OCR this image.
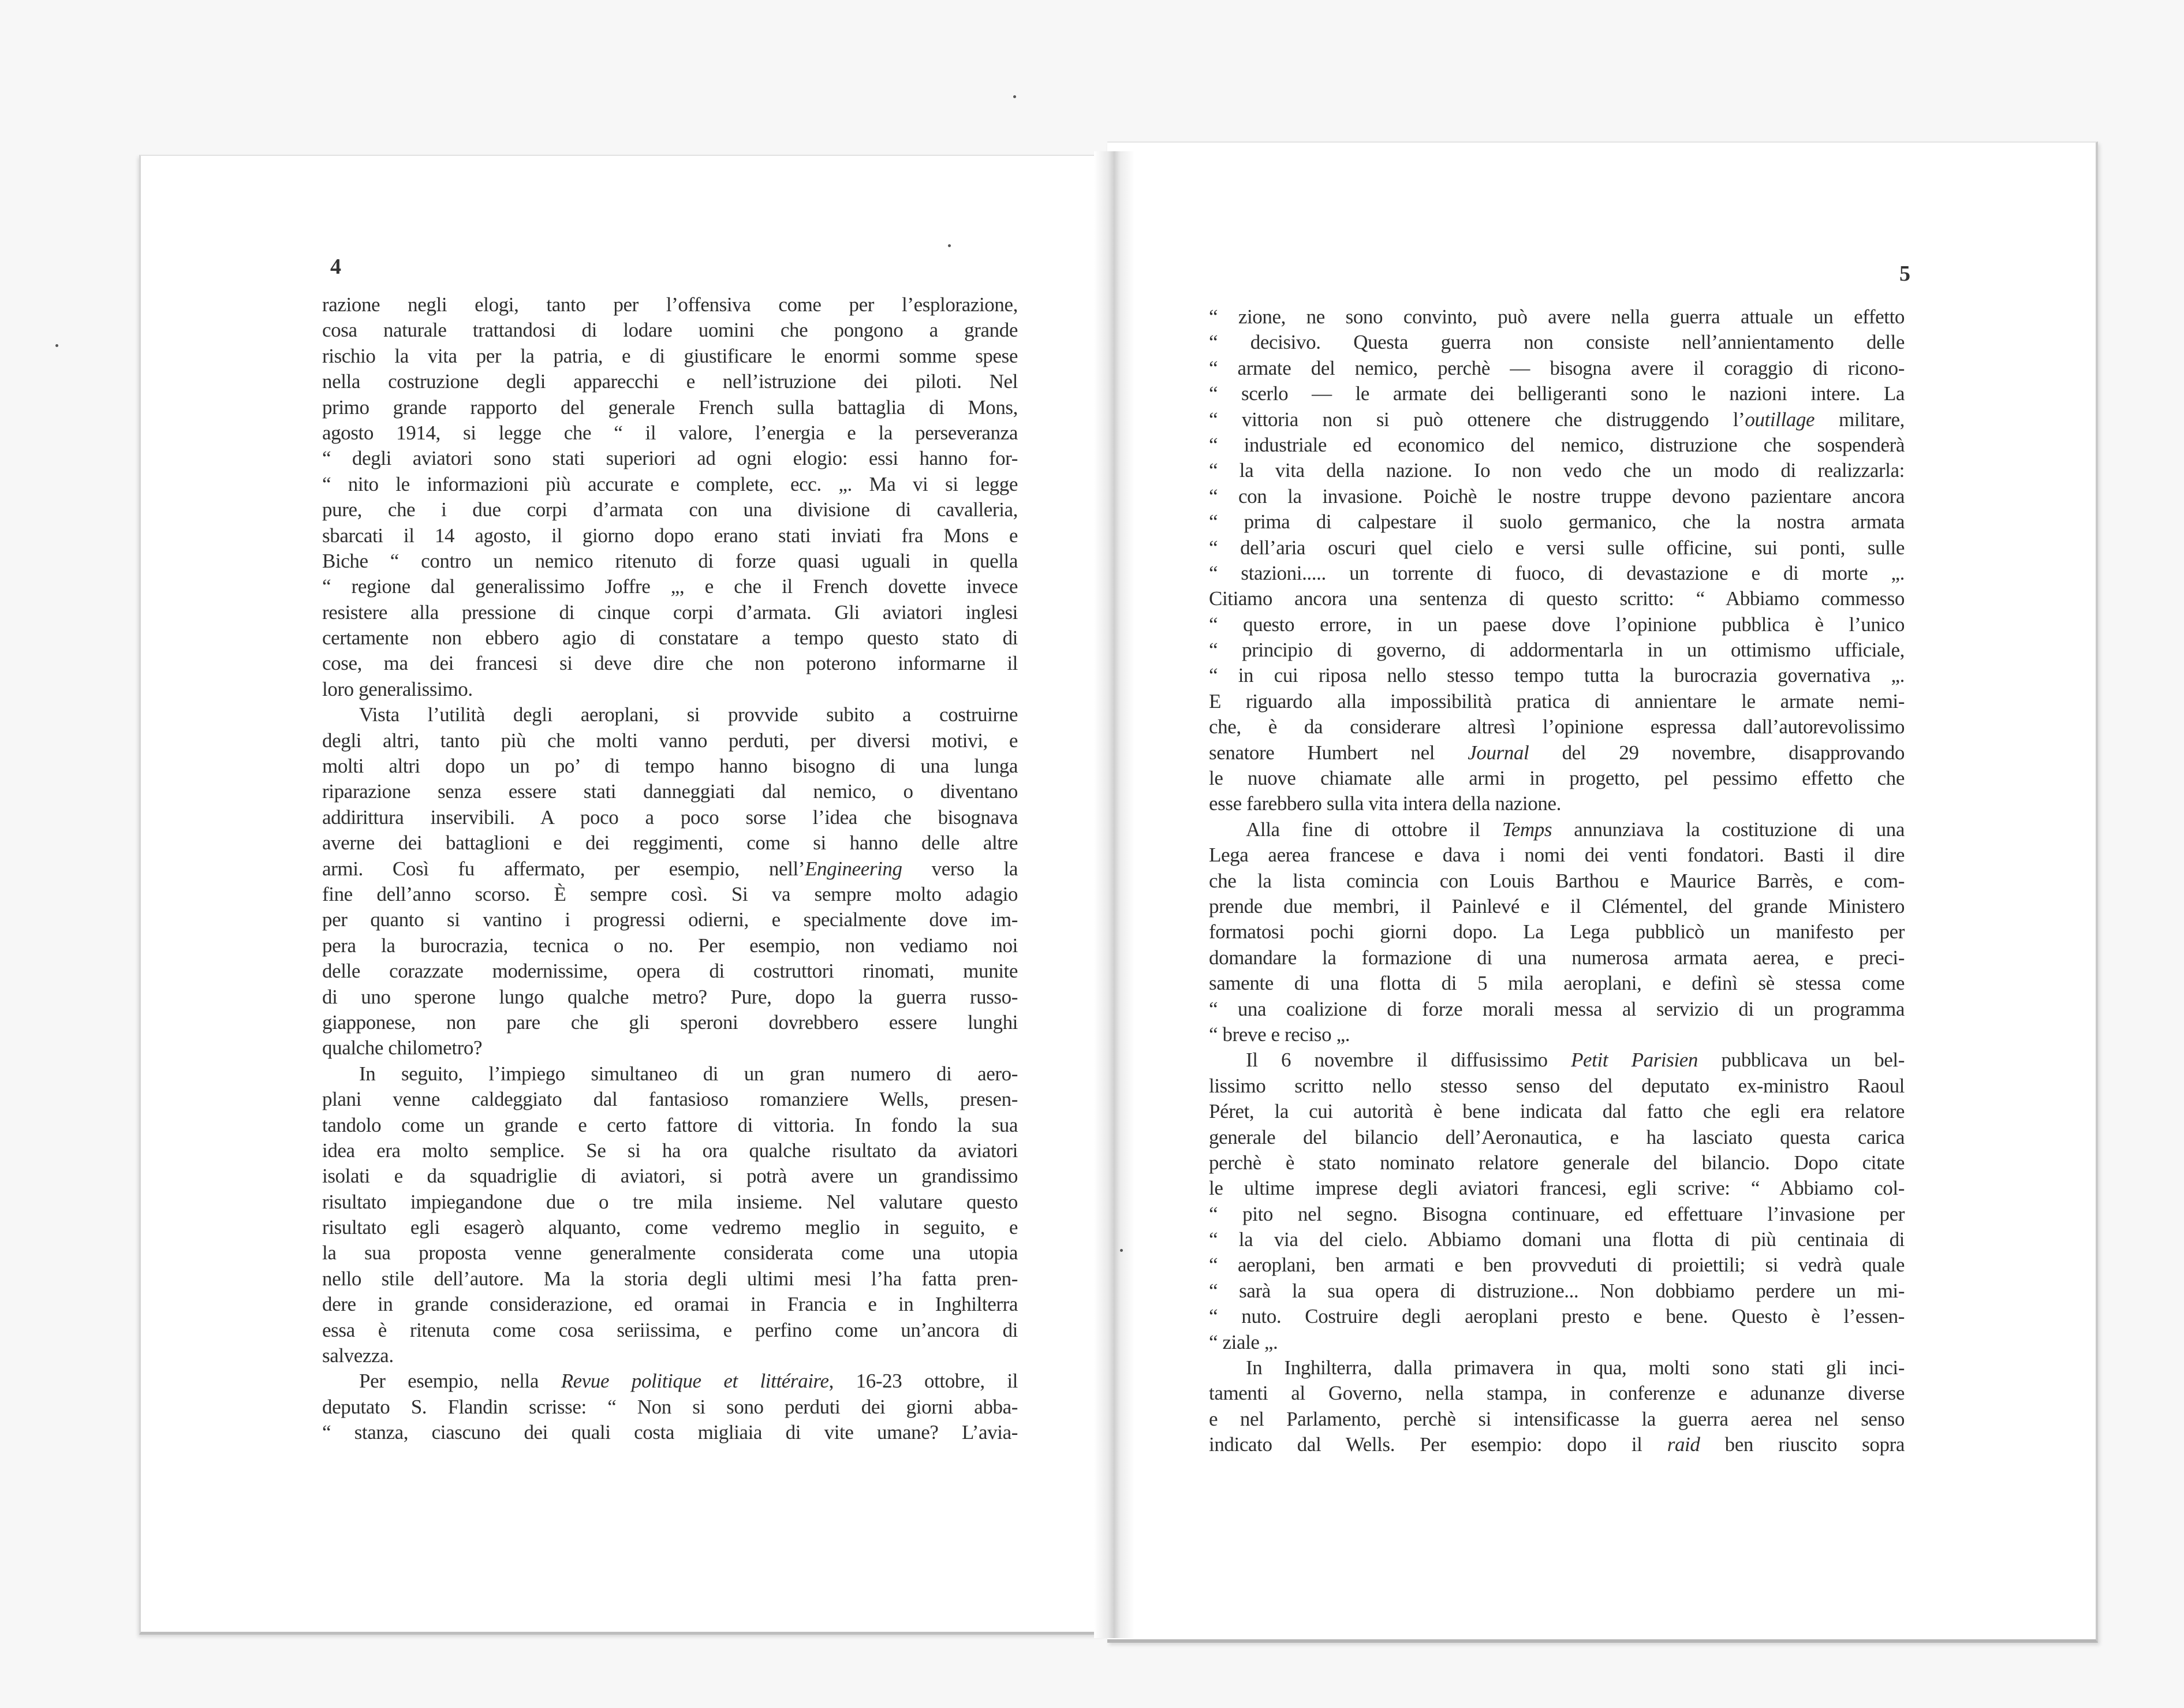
4	5
razione negli elogi, tanto per l’offensiva come per l’esplorazione,
cosa naturale trattandosi di lodare uomini che pongono a grande
rischio la vita per la patria, e di giustificare le enormi somme spese
nella costruzione degli apparecchi e nell’istruzione dei piloti. Nel
primo grande rapporto del generale French sulla battaglia di Mons,
agosto 1914, si legge che “ il valore, l’energia e la perseveranza
“ degli aviatori sono stati superiori ad ogni elogio: essi hanno for-
“ nito le informazioni più accurate e complete, ecc. „. Ma vi si legge
pure, che i due corpi d’armata con una divisione di cavalleria,
sbarcati il 14 agosto, il giorno dopo erano stati inviati fra Mons e
Biche “ contro un nemico ritenuto di forze quasi uguali in quella
“ regione dal generalissimo Joffre „, e che il French dovette invece
resistere alla pressione di cinque corpi d’armata. Gli aviatori inglesi
certamente non ebbero agio di constatare a tempo questo stato di
cose, ma dei francesi si deve dire che non poterono informarne il
loro generalissimo.
Vista l’utilità degli aeroplani, si provvide subito a costruirne
degli altri, tanto più che molti vanno perduti, per diversi motivi, e
molti altri dopo un po’ di tempo hanno bisogno di una lunga
riparazione senza essere stati danneggiati dal nemico, o diventano
addirittura inservibili. A poco a poco sorse l’idea che bisognava
averne dei battaglioni e dei reggimenti, come si hanno delle altre
armi. Così fu affermato, per esempio, nell’Engineering verso la
fine dell’anno scorso. È sempre così. Si va sempre molto adagio
per quanto si vantino i progressi odierni, e specialmente dove im-
pera la burocrazia, tecnica o no. Per esempio, non vediamo noi
delle corazzate modernissime, opera di costruttori rinomati, munite
di uno sperone lungo qualche metro? Pure, dopo la guerra russo-
giapponese, non pare che gli speroni dovrebbero essere lunghi
qualche chilometro?
In seguito, l’impiego simultaneo di un gran numero di aero-
plani venne caldeggiato dal fantasioso romanziere Wells, presen-
tandolo come un grande e certo fattore di vittoria. In fondo la sua
idea era molto semplice. Se si ha ora qualche risultato da aviatori
isolati e da squadriglie di aviatori, si potrà avere un grandissimo
risultato impiegandone due o tre mila insieme. Nel valutare questo
risultato egli esagerò alquanto, come vedremo meglio in seguito, e
la sua proposta venne generalmente considerata come una utopia
nello stile dell’autore. Ma la storia degli ultimi mesi l’ha fatta pren-
dere in grande considerazione, ed oramai in Francia e in Inghilterra
essa è ritenuta come cosa seriissima, e perfino come un’ancora di
salvezza.
Per esempio, nella Revue politique et littéraire, 16-23 ottobre, il
deputato S. Flandin scrisse: “ Non si sono perduti dei giorni abba-
“ stanza, ciascuno dei quali costa migliaia di vite umane? L’avia-
“ zione, ne sono convinto, può avere nella guerra attuale un effetto
“ decisivo. Questa guerra non consiste nell’annientamento delle
“ armate del nemico, perchè — bisogna avere il coraggio di ricono-
“ scerlo — le armate dei belligeranti sono le nazioni intere. La
“ vittoria non si può ottenere che distruggendo l’outillage militare,
“ industriale ed economico del nemico, distruzione che sospenderà
“ la vita della nazione. Io non vedo che un modo di realizzarla:
“ con la invasione. Poichè le nostre truppe devono pazientare ancora
“ prima di calpestare il suolo germanico, che la nostra armata
“ dell’aria oscuri quel cielo e versi sulle officine, sui ponti, sulle
“ stazioni..... un torrente di fuoco, di devastazione e di morte „.
Citiamo ancora una sentenza di questo scritto: “ Abbiamo commesso
“ questo errore, in un paese dove l’opinione pubblica è l’unico
“ principio di governo, di addormentarla in un ottimismo ufficiale,
“ in cui riposa nello stesso tempo tutta la burocrazia governativa „.
E riguardo alla impossibilità pratica di annientare le armate nemi-
che, è da considerare altresì l’opinione espressa dall’autorevolissimo
senatore Humbert nel Journal del 29 novembre, disapprovando
le nuove chiamate alle armi in progetto, pel pessimo effetto che
esse farebbero sulla vita intera della nazione.
Alla fine di ottobre il Temps annunziava la costituzione di una
Lega aerea francese e dava i nomi dei venti fondatori. Basti il dire
che la lista comincia con Louis Barthou e Maurice Barrès, e com-
prende due membri, il Painlevé e il Clémentel, del grande Ministero
formatosi pochi giorni dopo. La Lega pubblicò un manifesto per
domandare la formazione di una numerosa armata aerea, e preci-
samente di una flotta di 5 mila aeroplani, e definì sè stessa come
“ una coalizione di forze morali messa al servizio di un programma
“ breve e reciso „.
Il 6 novembre il diffusissimo Petit Parisien pubblicava un bel-
lissimo scritto nello stesso senso del deputato ex-ministro Raoul
Péret, la cui autorità è bene indicata dal fatto che egli era relatore
generale del bilancio dell’Aeronautica, e ha lasciato questa carica
perchè è stato nominato relatore generale del bilancio. Dopo citate
le ultime imprese degli aviatori francesi, egli scrive: “ Abbiamo col-
“ pito nel segno. Bisogna continuare, ed effettuare l’invasione per
“ la via del cielo. Abbiamo domani una flotta di più centinaia di
“ aeroplani, ben armati e ben provveduti di proiettili; si vedrà quale
“ sarà la sua opera di distruzione... Non dobbiamo perdere un mi-
“ nuto. Costruire degli aeroplani presto e bene. Questo è l’essen-
“ ziale „.
In Inghilterra, dalla primavera in qua, molti sono stati gli inci-
tamenti al Governo, nella stampa, in conferenze e adunanze diverse
e nel Parlamento, perchè si intensificasse la guerra aerea nel senso
indicato dal Wells. Per esempio: dopo il raid ben riuscito sopra
